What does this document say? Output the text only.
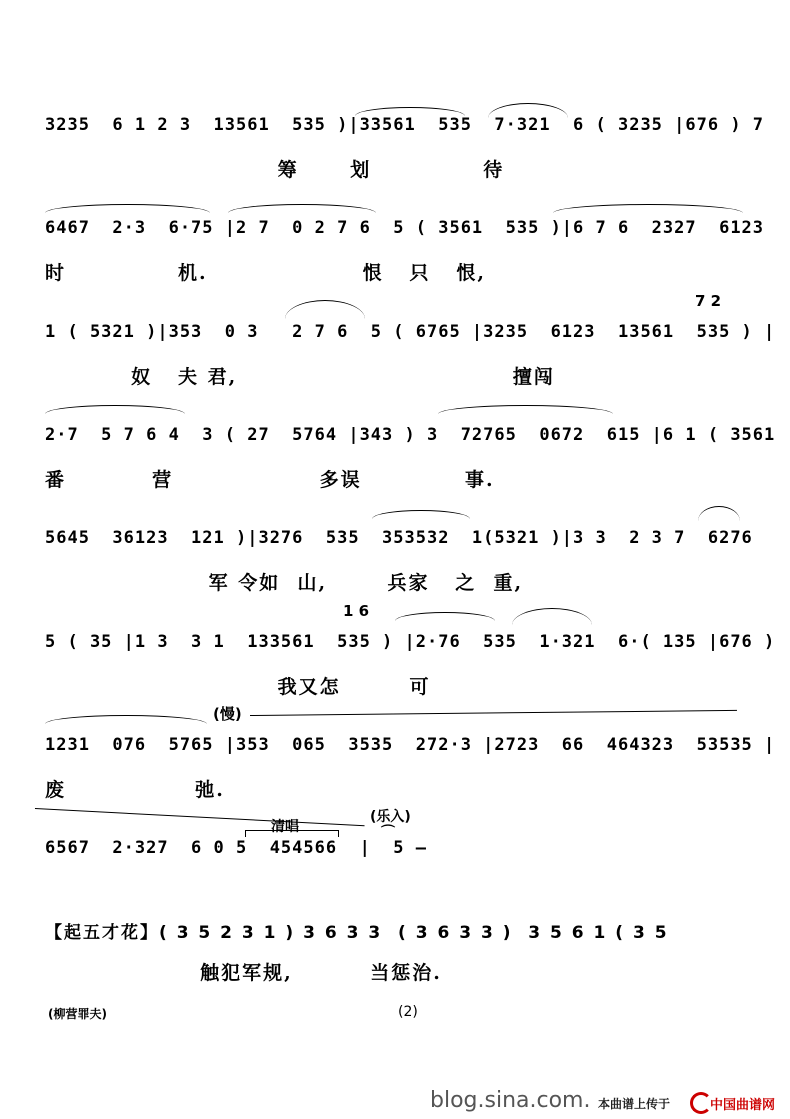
3235  6 1 2 3  13561  535 )|33561  535  7·321  6 ( 3235 |676 ) 7
筹      划             待
6467  2·3  6·75 |2 7  0 2 7 6  5 ( 3561  535 )|6 7 6  2327  6123
时             机.                  恨   只   恨,
1 ( 5321 )|353  0 3   2 7 6  5 ( 6765 |3235  6123  13561  535 ) |
奴   夫 君,                                擅闯
7 2
2·7  5 7 6 4  3 ( 27  5764 |343 ) 3  72765  0672  615 |6 1 ( 3561
番          营                 多误            事.
5645  36123  121 )|3276  535  353532  1(5321 )|3 3  2 3 7  6276
军 令如  山,       兵家   之  重,
5 ( 35 |1 3  3 1  133561  535 ) |2·76  535  1·321  6·( 135 |676 )
我又怎        可
1 6
1231  076  5765 |353  065  3535  272·3 |2723  66  464323  53535 |
废               弛.
(慢)
6567  2·327  6 0 5  454566  |  5 –
清唱
(乐入)
⌒
【起五才花】( 3 5 2 3 1 ) 3 6 3 3  ( 3 6 3 3 )  3 5 6 1 ( 3 5
触犯军规,         当惩治.
(柳营罪夫)	(2)
blog.sina.com. 本曲谱上传于	中国曲谱网
